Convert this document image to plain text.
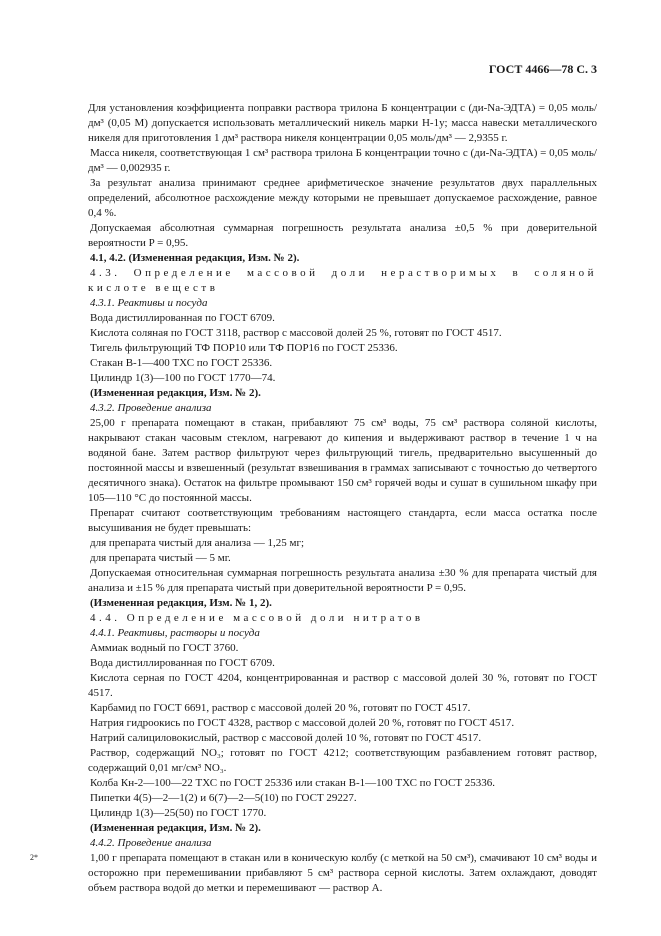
ГОСТ 4466—78 С. 3

Для установления коэффициента поправки раствора трилона Б концентрации c (ди-Na-ЭДТА) = 0,05 моль/дм³ (0,05 М) допускается использовать металлический никель марки Н-1у; масса навески металлического никеля для приготовления 1 дм³ раствора никеля концентрации 0,05 моль/дм³ — 2,9355 г.

Масса никеля, соответствующая 1 см³ раствора трилона Б концентрации точно c (ди-Na-ЭДТА) = 0,05 моль/дм³ — 0,002935 г.

За результат анализа принимают среднее арифметическое значение результатов двух параллельных определений, абсолютное расхождение между которыми не превышает допускаемое расхождение, равное 0,4 %.

Допускаемая абсолютная суммарная погрешность результата анализа ±0,5 % при доверительной вероятности P = 0,95.

4.1, 4.2. (Измененная редакция, Изм. № 2).

4.3. Определение массовой доли нерастворимых в соляной кислоте веществ

4.3.1. Реактивы и посуда

Вода дистиллированная по ГОСТ 6709.

Кислота соляная по ГОСТ 3118, раствор с массовой долей 25 %, готовят по ГОСТ 4517.

Тигель фильтрующий ТФ ПОР10 или ТФ ПОР16 по ГОСТ 25336.

Стакан В-1—400 ТХС по ГОСТ 25336.

Цилиндр 1(3)—100 по ГОСТ 1770—74.

(Измененная редакция, Изм. № 2).

4.3.2. Проведение анализа

25,00 г препарата помещают в стакан, прибавляют 75 см³ воды, 75 см³ раствора соляной кислоты, накрывают стакан часовым стеклом, нагревают до кипения и выдерживают раствор в течение 1 ч на водяной бане. Затем раствор фильтруют через фильтрующий тигель, предварительно высушенный до постоянной массы и взвешенный (результат взвешивания в граммах записывают с точностью до четвертого десятичного знака). Остаток на фильтре промывают 150 см³ горячей воды и сушат в сушильном шкафу при 105—110 °С до постоянной массы.

Препарат считают соответствующим требованиям настоящего стандарта, если масса остатка после высушивания не будет превышать:

для препарата чистый для анализа — 1,25 мг;

для препарата чистый — 5 мг.

Допускаемая относительная суммарная погрешность результата анализа ±30 % для препарата чистый для анализа и ±15 % для препарата чистый при доверительной вероятности P = 0,95.

(Измененная редакция, Изм. № 1, 2).

4.4. Определение массовой доли нитратов

4.4.1. Реактивы, растворы и посуда

Аммиак водный по ГОСТ 3760.

Вода дистиллированная по ГОСТ 6709.

Кислота серная по ГОСТ 4204, концентрированная и раствор с массовой долей 30 %, готовят по ГОСТ 4517.

Карбамид по ГОСТ 6691, раствор с массовой долей 20 %, готовят по ГОСТ 4517.

Натрия гидроокись по ГОСТ 4328, раствор с массовой долей 20 %, готовят по ГОСТ 4517.

Натрий салициловокислый, раствор с массовой долей 10 %, готовят по ГОСТ 4517.

Раствор, содержащий NO₃; готовят по ГОСТ 4212; соответствующим разбавлением готовят раствор, содержащий 0,01 мг/см³ NO₃.

Колба Кн-2—100—22 ТХС по ГОСТ 25336 или стакан В-1—100 ТХС по ГОСТ 25336.

Пипетки 4(5)—2—1(2) и 6(7)—2—5(10) по ГОСТ 29227.

Цилиндр 1(3)—25(50) по ГОСТ 1770.

(Измененная редакция, Изм. № 2).

4.4.2. Проведение анализа

1,00 г препарата помещают в стакан или в коническую колбу (с меткой на 50 см³), смачивают 10 см³ воды и осторожно при перемешивании прибавляют 5 см³ раствора серной кислоты. Затем охлаждают, доводят объем раствора водой до метки и перемешивают — раствор А.

2*
